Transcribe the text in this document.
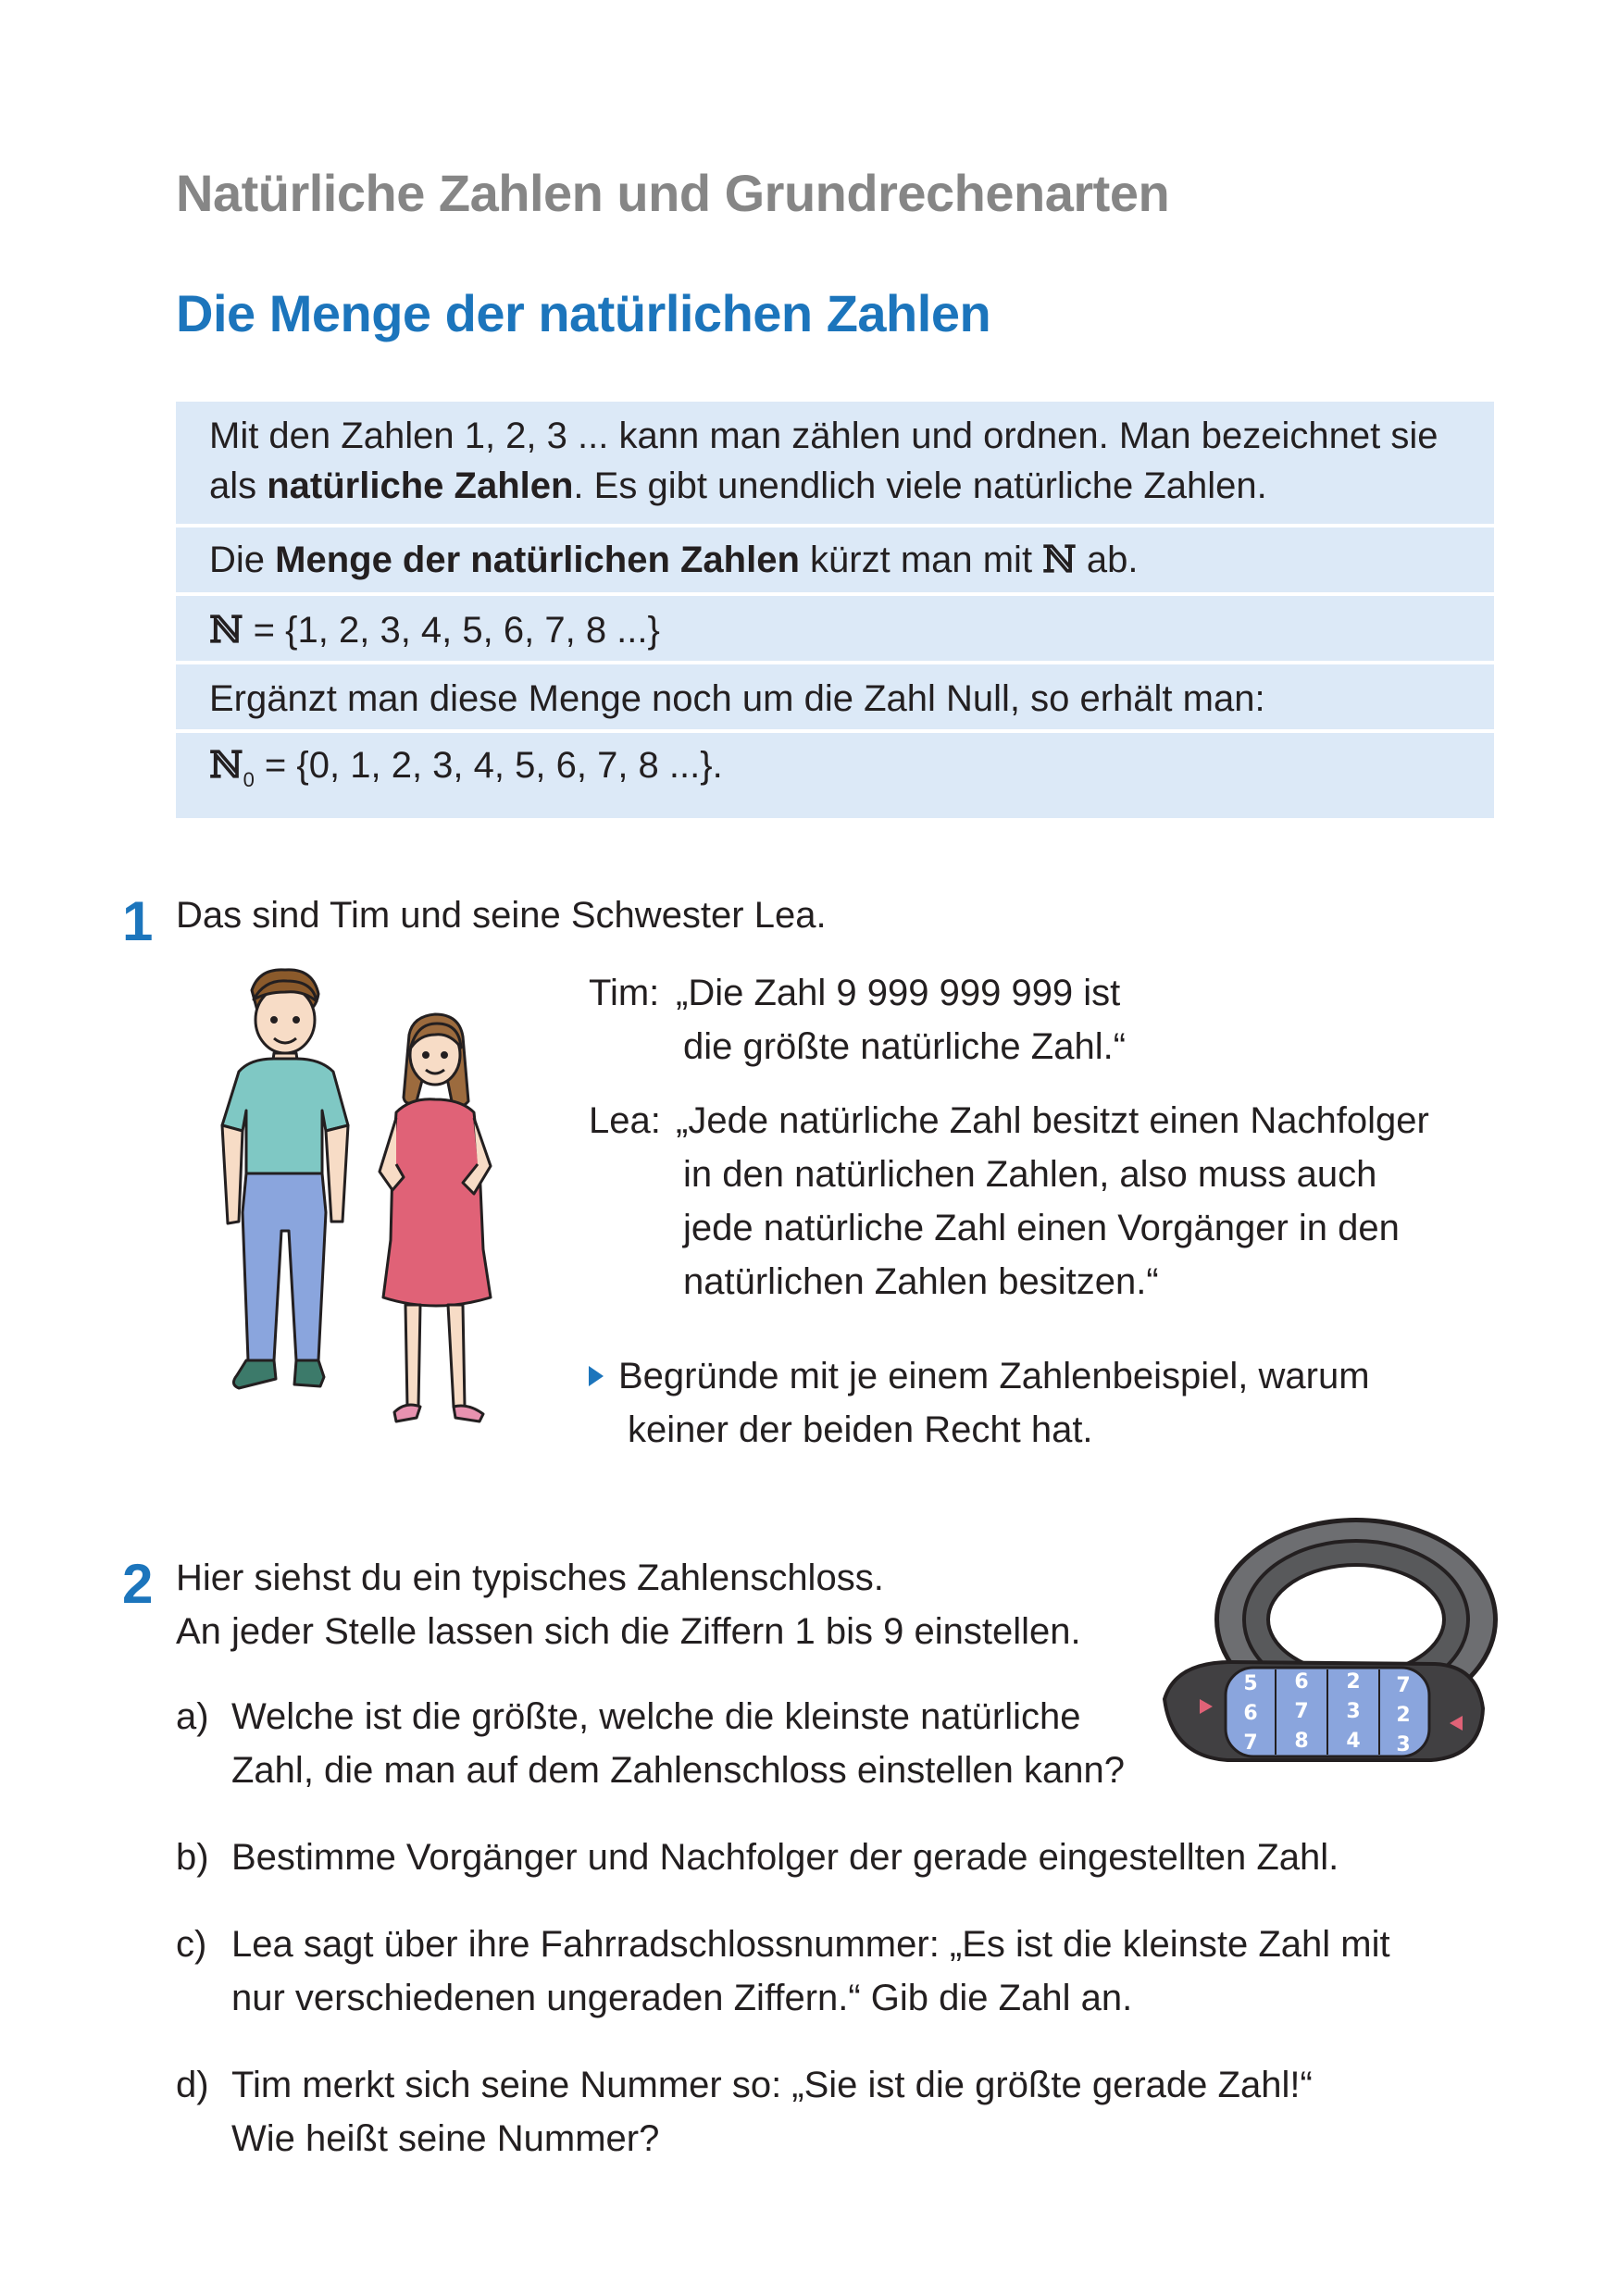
Natürliche Zahlen und Grundrechenarten
Die Menge der natürlichen Zahlen

Mit den Zahlen 1, 2, 3 ... kann man zählen und ordnen. Man bezeichnet sie als natürliche Zahlen. Es gibt unendlich viele natürliche Zahlen.

Die Menge der natürlichen Zahlen kürzt man mit ℕ ab.

ℕ = {1, 2, 3, 4, 5, 6, 7, 8 ...}

Ergänzt man diese Menge noch um die Zahl Null, so erhält man:

ℕ$_0$ = {0, 1, 2, 3, 4, 5, 6, 7, 8 ...}.

1 Das sind Tim und seine Schwester Lea.

Tim: „Die Zahl 9 999 999 999 ist

die größte natürliche Zahl.“

Lea: „Jede natürliche Zahl besitzt einen Nachfolger

in den natürlichen Zahlen, also muss auch

jede natürliche Zahl einen Vorgänger in den

natürlichen Zahlen besitzen.“

Begründe mit je einem Zahlenbeispiel, warum

keiner der beiden Recht hat.

2 Hier siehst du ein typisches Zahlenschloss.

An jeder Stelle lassen sich die Ziffern 1 bis 9 einstellen.

5 6 2 7
6 7 3 2
7 8 4 3
a) Welche ist die größte, welche die kleinste natürliche
Zahl, die man auf dem Zahlenschloss einstellen kann?
b) Bestimme Vorgänger und Nachfolger der gerade eingestellten Zahl.
c) Lea sagt über ihre Fahrradschlossnummer: „Es ist die kleinste Zahl mit
nur verschiedenen ungeraden Ziffern.“ Gib die Zahl an.
d) Tim merkt sich seine Nummer so: „Sie ist die größte gerade Zahl!“
Wie heißt seine Nummer?
